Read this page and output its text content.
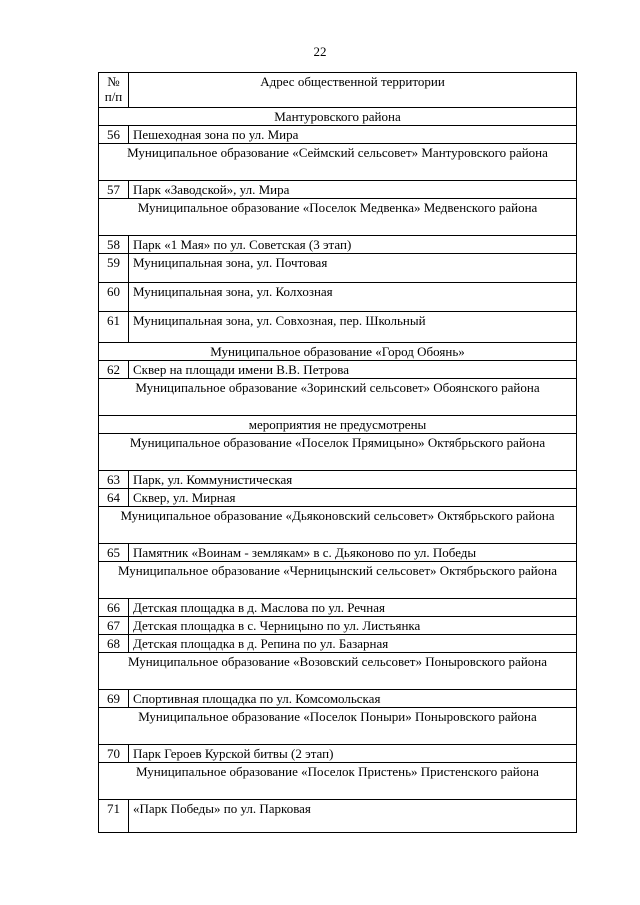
22
№
п/п	Адрес общественной территории
Мантуровского района	
56	Пешеходная зона по ул. Мира
Муниципальное образование «Сеймский сельсовет» Мантуровского района	
57	Парк «Заводской», ул. Мира
Муниципальное образование «Поселок Медвенка» Медвенского района	
58	Парк «1 Мая» по ул. Советская (3 этап)
59	Муниципальная зона, ул. Почтовая
60	Муниципальная зона, ул. Колхозная
61	Муниципальная зона, ул. Совхозная, пер. Школьный
Муниципальное образование «Город Обоянь»	
62	Сквер на площади имени В.В. Петрова
Муниципальное образование «Зоринский сельсовет» Обоянского района	
мероприятия не предусмотрены	
Муниципальное образование «Поселок Прямицыно» Октябрьского района	
63	Парк, ул. Коммунистическая
64	Сквер, ул. Мирная
Муниципальное образование «Дьяконовский сельсовет» Октябрьского района	
65	Памятник «Воинам - землякам» в с. Дьяконово по ул. Победы
Муниципальное образование «Черницынский сельсовет» Октябрьского района	
66	Детская площадка в д. Маслова по ул. Речная
67	Детская площадка в с. Черницыно по ул. Листьянка
68	Детская площадка в д. Репина по ул. Базарная
Муниципальное образование «Возовский сельсовет» Поныровского района	
69	Спортивная площадка по ул. Комсомольская
Муниципальное образование «Поселок Поныри» Поныровского района	
70	Парк Героев Курской битвы (2 этап)
Муниципальное образование «Поселок Пристень» Пристенского района	
71	«Парк Победы» по ул. Парковая
